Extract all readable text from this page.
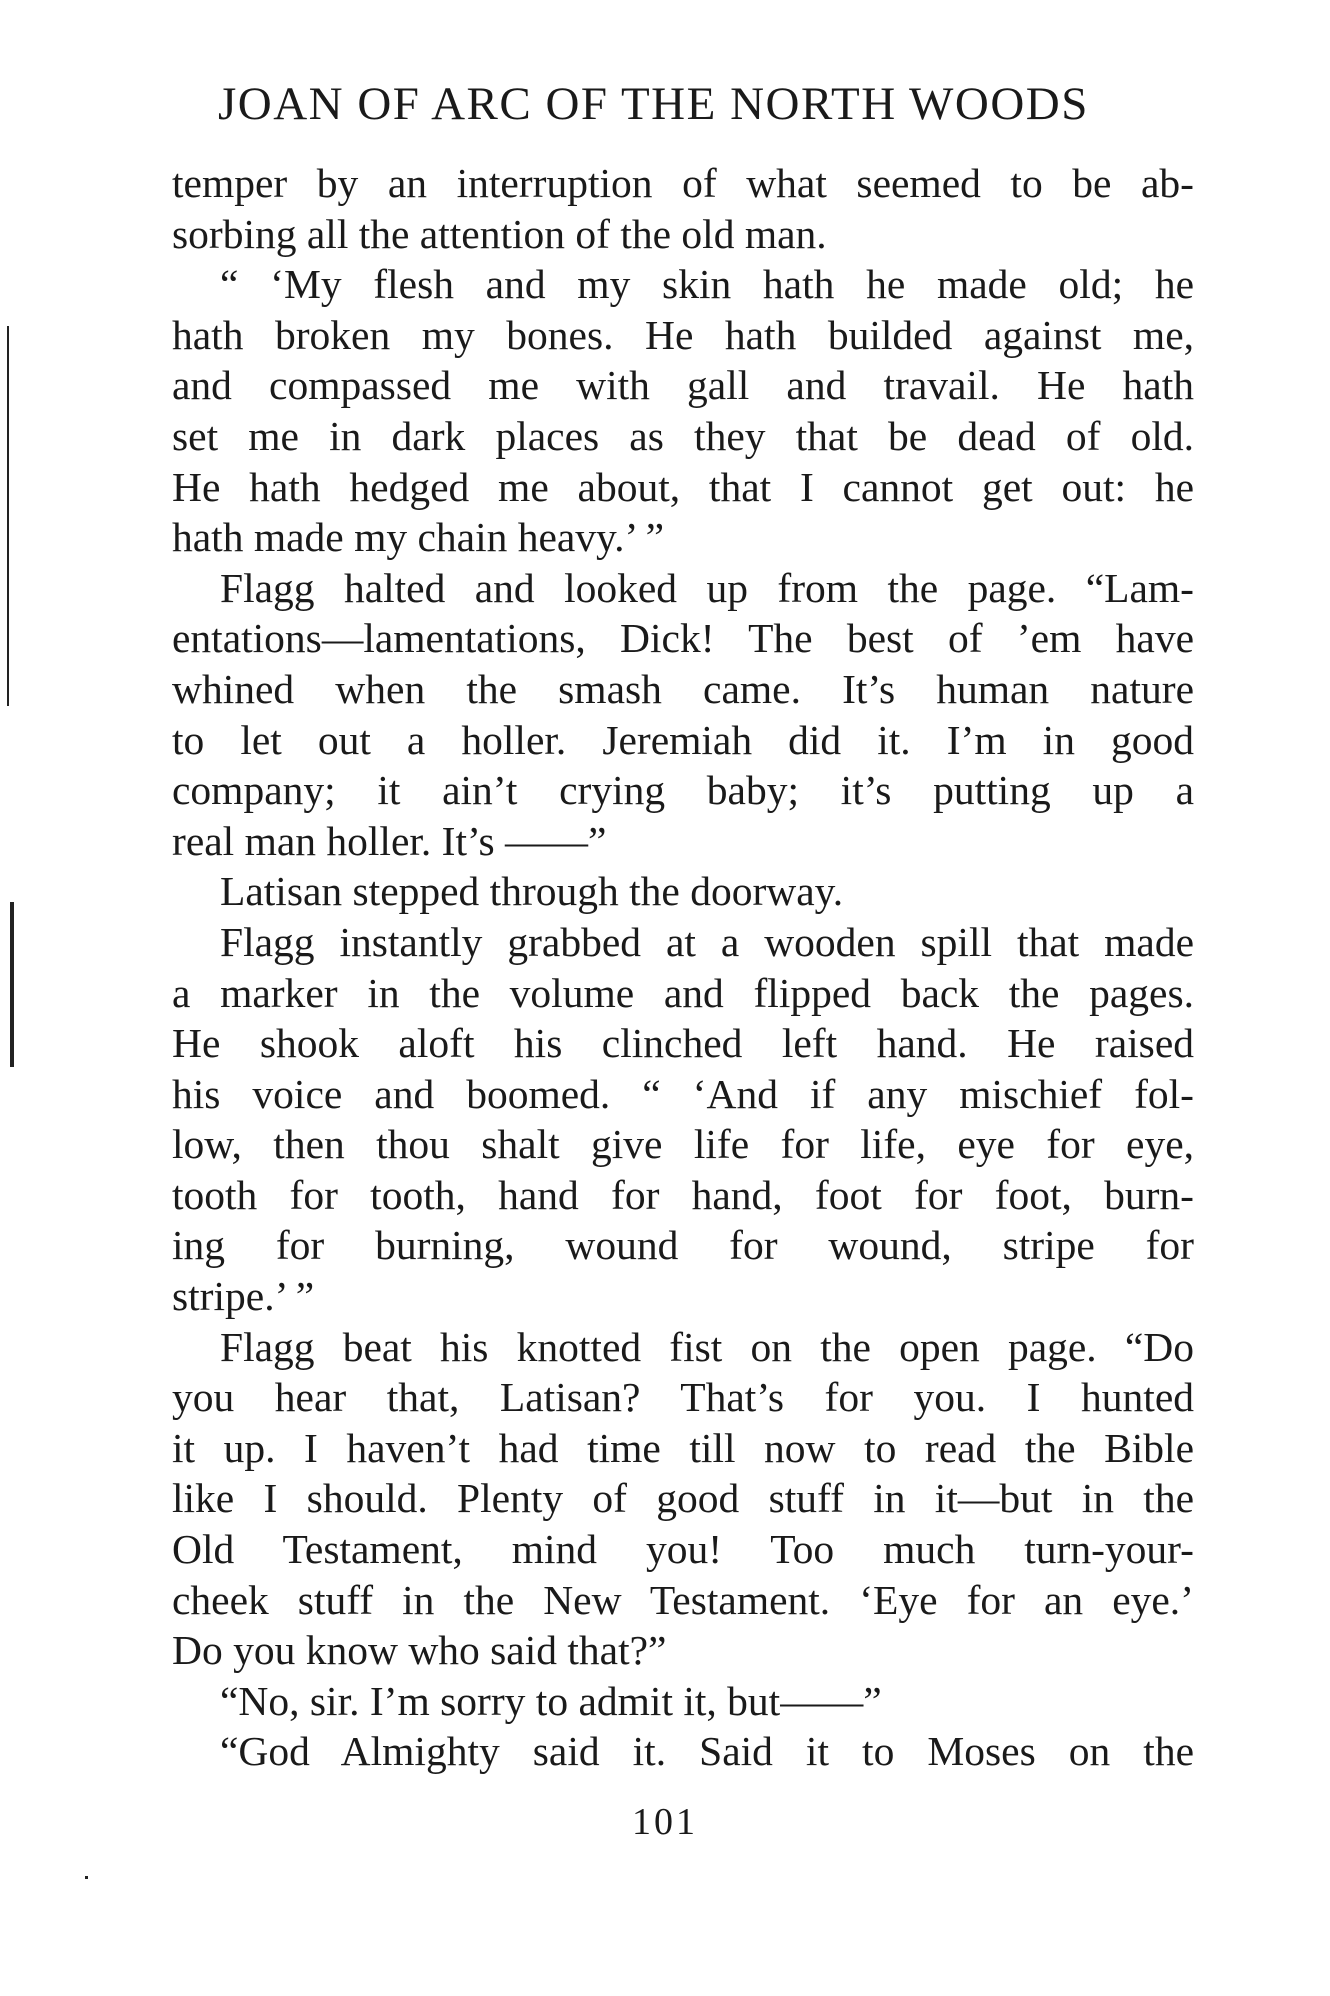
JOAN OF ARC OF THE NORTH WOODS
temper by an interruption of what seemed to be ab-
sorbing all the attention of the old man.
“ ‘My flesh and my skin hath he made old; he
hath broken my bones. He hath builded against me,
and compassed me with gall and travail. He hath
set me in dark places as they that be dead of old.
He hath hedged me about, that I cannot get out: he
hath made my chain heavy.’ ”
Flagg halted and looked up from the page. “Lam-
entations—lamentations, Dick! The best of ’em have
whined when the smash came. It’s human nature
to let out a holler. Jeremiah did it. I’m in good
company; it ain’t crying baby; it’s putting up a
real man holler. It’s ——”
Latisan stepped through the doorway.
Flagg instantly grabbed at a wooden spill that made
a marker in the volume and flipped back the pages.
He shook aloft his clinched left hand. He raised
his voice and boomed. “ ‘And if any mischief fol-
low, then thou shalt give life for life, eye for eye,
tooth for tooth, hand for hand, foot for foot, burn-
ing for burning, wound for wound, stripe for
stripe.’ ”
Flagg beat his knotted fist on the open page. “Do
you hear that, Latisan? That’s for you. I hunted
it up. I haven’t had time till now to read the Bible
like I should. Plenty of good stuff in it—but in the
Old Testament, mind you! Too much turn-your-
cheek stuff in the New Testament. ‘Eye for an eye.’
Do you know who said that?”
“No, sir. I’m sorry to admit it, but——”
“God Almighty said it. Said it to Moses on the
101
